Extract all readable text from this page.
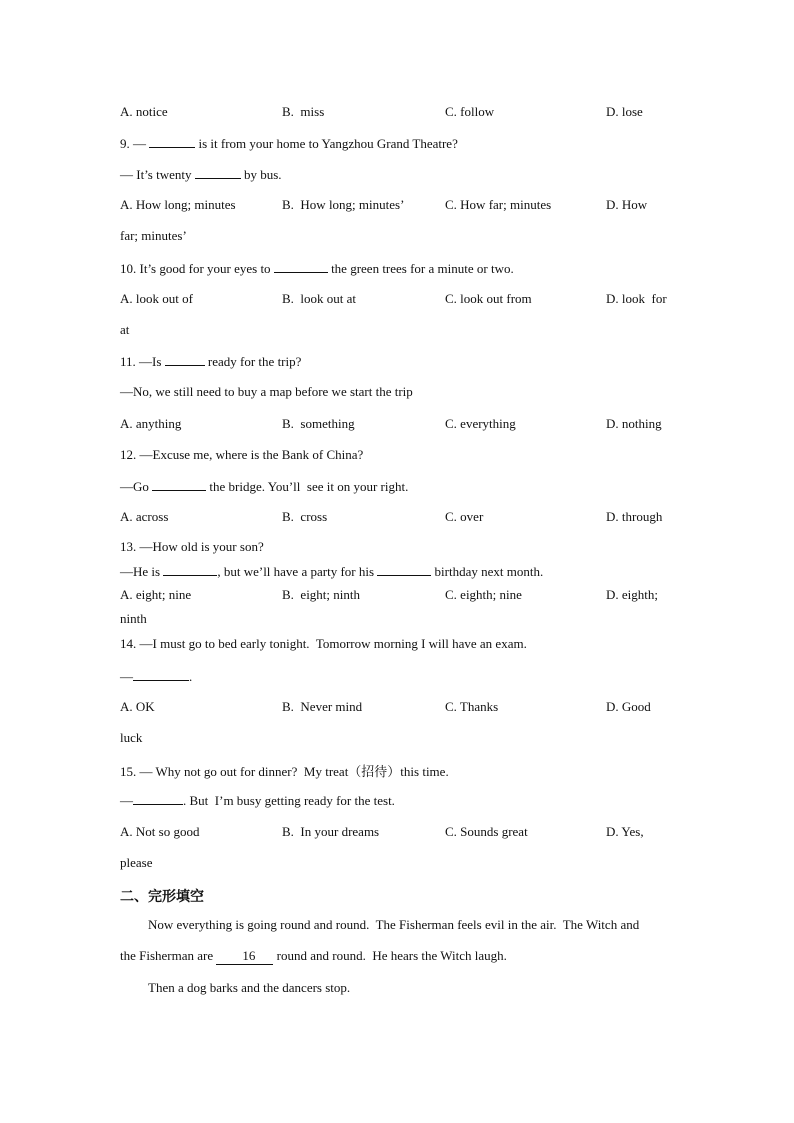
A. notice	B.  miss	C. follow	D. lose
9. —	is it from your home to Yangzhou Grand Theatre?
— It’s twenty	by bus.
A. How long; minutes	B.  How long; minutes’	C. How far; minutes	D. How
far; minutes’
10. It’s good for your eyes to	the green trees for a minute or two.
A. look out of	B.  look out at	C. look out from	D. look  for
at
11. —Is	ready for the trip?
—No, we still need to buy a map before we start the trip
A. anything	B.  something	C. everything	D. nothing
12. —Excuse me, where is the Bank of China?
—Go	the bridge. You’ll  see it on your right.
A. across	B.  cross	C. over	D. through
13. —How old is your son?
—He is	, but we’ll have a party for his	birthday next month.
A. eight; nine	B.  eight; ninth	C. eighth; nine	D. eighth;
ninth
14. —I must go to bed early tonight.  Tomorrow morning I will have an exam.
—	.
A. OK	B.  Never mind	C. Thanks	D. Good
luck
15. — Why not go out for dinner?  My treat（招待）this time.
—	. But  I’m busy getting ready for the test.
A. Not so good	B.  In your dreams	C. Sounds great	D. Yes,
please
二、完形填空
Now everything is going round and round.  The Fisherman feels evil in the air.  The Witch and
the Fisherman are 16 round and round.  He hears the Witch laugh.
Then a dog barks and the dancers stop.
